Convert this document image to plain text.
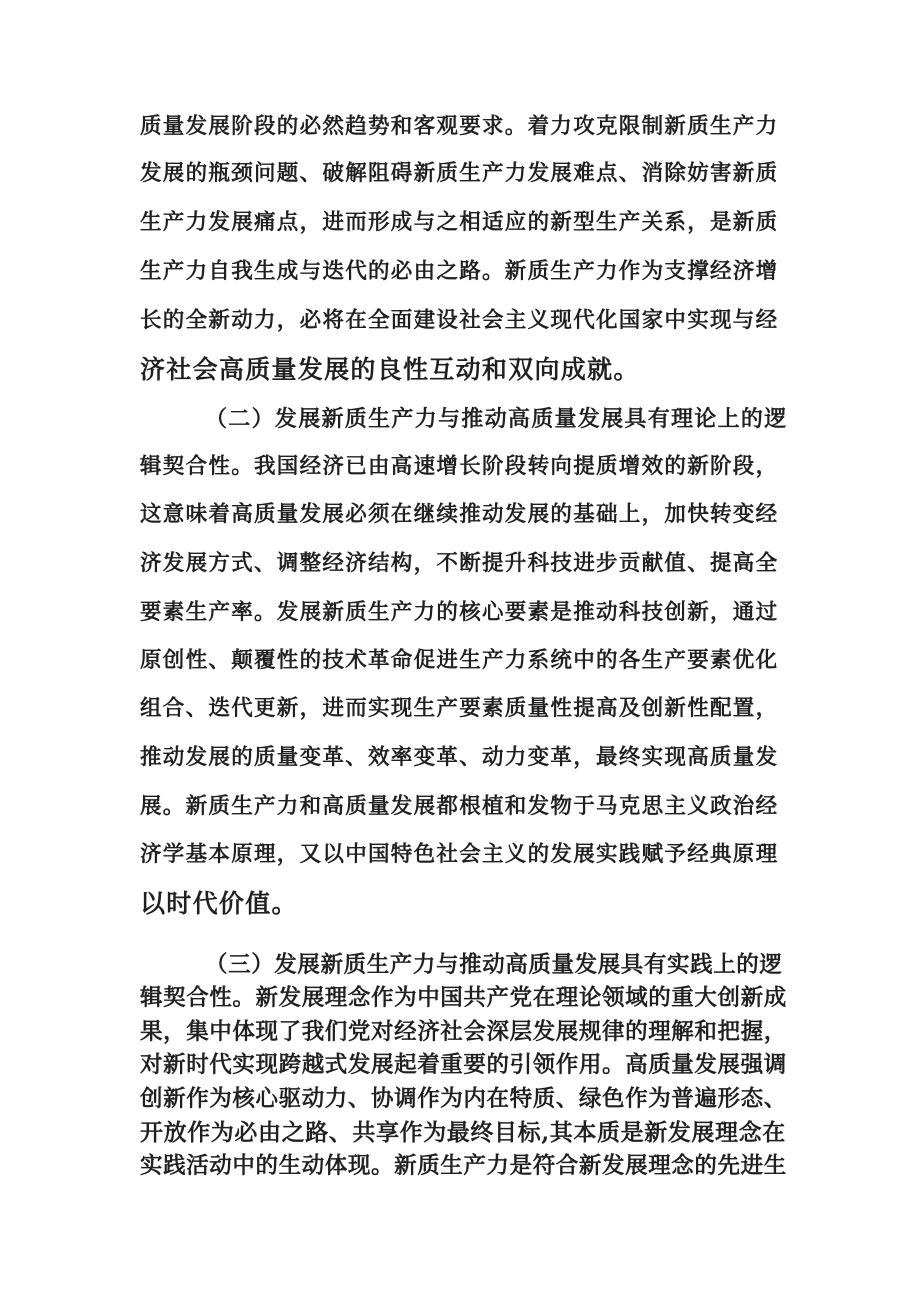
质量发展阶段的必然趋势和客观要求。着力攻克限制新质生产力
发展的瓶颈问题、破解阻碍新质生产力发展难点、消除妨害新质
生产力发展痛点，进而形成与之相适应的新型生产关系，是新质
生产力自我生成与迭代的必由之路。新质生产力作为支撑经济增
长的全新动力，必将在全面建设社会主义现代化国家中实现与经
济社会高质量发展的良性互动和双向成就。
（二）发展新质生产力与推动高质量发展具有理论上的逻
辑契合性。我国经济已由高速增长阶段转向提质增效的新阶段，
这意味着高质量发展必须在继续推动发展的基础上，加快转变经
济发展方式、调整经济结构，不断提升科技进步贡献值、提高全
要素生产率。发展新质生产力的核心要素是推动科技创新，通过
原创性、颠覆性的技术革命促进生产力系统中的各生产要素优化
组合、迭代更新，进而实现生产要素质量性提高及创新性配置，
推动发展的质量变革、效率变革、动力变革，最终实现高质量发
展。新质生产力和高质量发展都根植和发物于马克思主义政治经
济学基本原理，又以中国特色社会主义的发展实践赋予经典原理
以时代价值。
（三）发展新质生产力与推动高质量发展具有实践上的逻
辑契合性。新发展理念作为中国共产党在理论领域的重大创新成
果，集中体现了我们党对经济社会深层发展规律的理解和把握，
对新时代实现跨越式发展起着重要的引领作用。高质量发展强调
创新作为核心驱动力、协调作为内在特质、绿色作为普遍形态、
开放作为必由之路、共享作为最终目标,其本质是新发展理念在
实践活动中的生动体现。新质生产力是符合新发展理念的先进生
